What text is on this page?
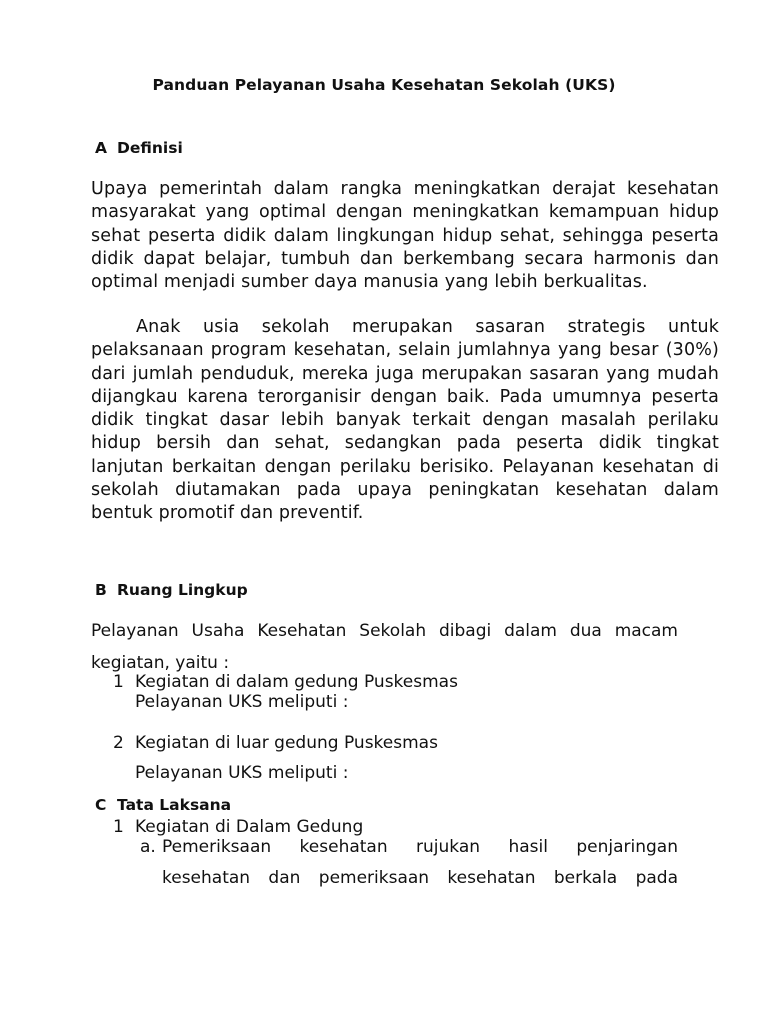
Panduan Pelayanan Usaha Kesehatan Sekolah (UKS)
A Definisi
Upaya pemerintah dalam rangka meningkatkan derajat kesehatan masyarakat yang optimal dengan meningkatkan kemampuan hidup sehat peserta didik dalam lingkungan hidup sehat, sehingga peserta didik dapat belajar, tumbuh dan berkembang secara harmonis dan optimal menjadi sumber daya manusia yang lebih berkualitas.
Anak usia sekolah merupakan sasaran strategis untuk pelaksanaan program kesehatan, selain jumlahnya yang besar (30%) dari jumlah penduduk, mereka juga merupakan sasaran yang mudah dijangkau karena terorganisir dengan baik. Pada umumnya peserta didik tingkat dasar lebih banyak terkait dengan masalah perilaku hidup bersih dan sehat, sedangkan pada peserta didik tingkat lanjutan berkaitan dengan perilaku berisiko. Pelayanan kesehatan di sekolah diutamakan pada upaya peningkatan kesehatan dalam bentuk promotif dan preventif.
B Ruang Lingkup
Pelayanan Usaha Kesehatan Sekolah dibagi dalam dua macam
kegiatan, yaitu :
1 Kegiatan di dalam gedung Puskesmas
Pelayanan UKS meliputi :
2 Kegiatan di luar gedung Puskesmas
Pelayanan UKS meliputi :
C Tata Laksana
1 Kegiatan di Dalam Gedung
a. Pemeriksaan kesehatan rujukan hasil penjaringan
kesehatan dan pemeriksaan kesehatan berkala pada
